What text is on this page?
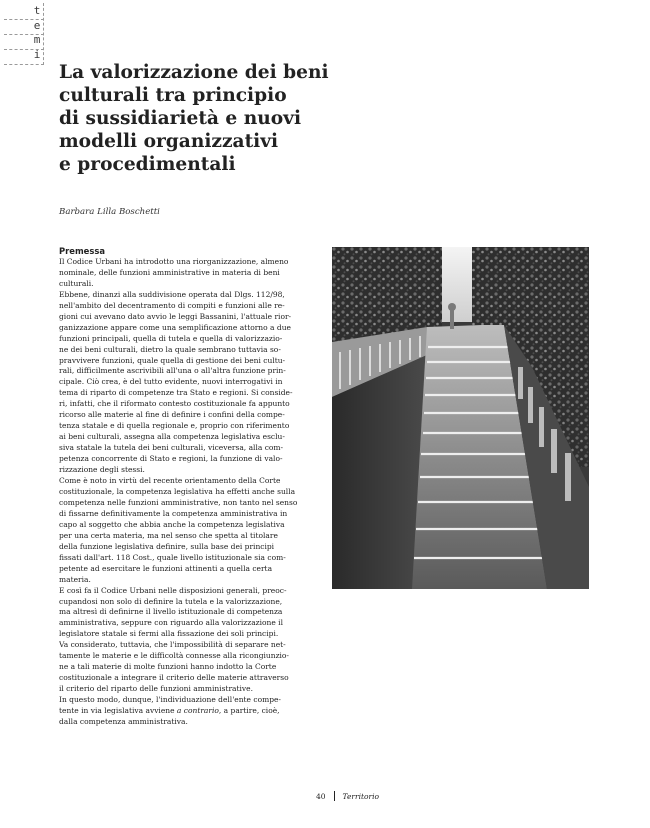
t
e
m
i
La valorizzazione dei beni
culturali tra principio
di sussidiarietà e nuovi
modelli organizzativi
e procedimentali
Barbara Lilla Boschetti
Premessa
Il Codice Urbani ha introdotto una riorganizzazione, almeno
nominale, delle funzioni amministrative in materia di beni
culturali.
Ebbene, dinanzi alla suddivisione operata dal Dlgs. 112/98,
nell'ambito del decentramento di compiti e funzioni alle re-
gioni cui avevano dato avvio le leggi Bassanini, l'attuale rior-
ganizzazione appare come una semplificazione attorno a due
funzioni principali, quella di tutela e quella di valorizzazio-
ne dei beni culturali, dietro la quale sembrano tuttavia so-
pravvivere funzioni, quale quella di gestione dei beni cultu-
rali, difficilmente ascrivibili all'una o all'altra funzione prin-
cipale. Ciò crea, è del tutto evidente, nuovi interrogativi in
tema di riparto di competenze tra Stato e regioni. Si conside-
ri, infatti, che il riformato contesto costituzionale fa appunto
ricorso alle materie al fine di definire i confini della compe-
tenza statale e di quella regionale e, proprio con riferimento
ai beni culturali, assegna alla competenza legislativa esclu-
siva statale la tutela dei beni culturali, viceversa, alla com-
petenza concorrente di Stato e regioni, la funzione di valo-
rizzazione degli stessi.
Come è noto in virtù del recente orientamento della Corte
costituzionale, la competenza legislativa ha effetti anche sulla
competenza nelle funzioni amministrative, non tanto nel senso
di fissarne definitivamente la competenza amministrativa in
capo al soggetto che abbia anche la competenza legislativa
per una certa materia, ma nel senso che spetta al titolare
della funzione legislativa definire, sulla base dei principi
fissati dall'art. 118 Cost., quale livello istituzionale sia com-
petente ad esercitare le funzioni attinenti a quella certa
materia.
E così fa il Codice Urbani nelle disposizioni generali, preoc-
cupandosi non solo di definire la tutela e la valorizzazione,
ma altresì di definirne il livello istituzionale di competenza
amministrativa, seppure con riguardo alla valorizzazione il
legislatore statale si fermi alla fissazione dei soli principi.
Va considerato, tuttavia, che l'impossibilità di separare net-
tamente le materie e le difficoltà connesse alla ricongiunzio-
ne a tali materie di molte funzioni hanno indotto la Corte
costituzionale a integrare il criterio delle materie attraverso
il criterio del riparto delle funzioni amministrative.
In questo modo, dunque, l'individuazione dell'ente compe-
tente in via legislativa avviene a contrario, a partire, cioè,
dalla competenza amministrativa.
40 Territorio
